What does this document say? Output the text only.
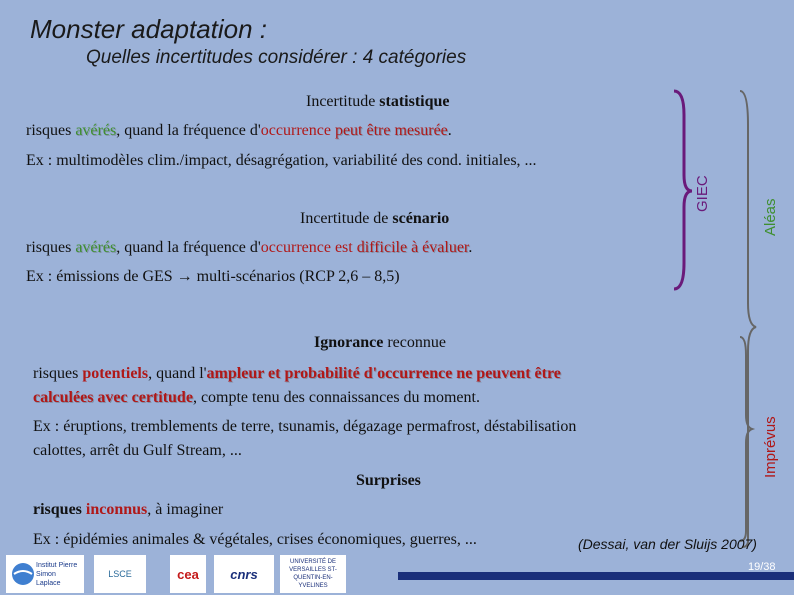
Monster adaptation :
Quelles incertitudes considérer : 4 catégories
Incertitude statistique
risques avérés, quand la fréquence d'occurrence peut être mesurée.
Ex : multimodèles clim./impact, désagrégation, variabilité des cond. initiales, ...
Incertitude de scénario
risques avérés, quand la fréquence d'occurrence est difficile à évaluer.
Ex : émissions de GES → multi-scénarios (RCP 2,6 – 8,5)
Ignorance reconnue
risques potentiels, quand l'ampleur et probabilité d'occurrence ne peuvent être
calculées avec certitude, compte tenu des connaissances du moment.
Ex : éruptions, tremblements de terre, tsunamis, dégazage permafrost, déstabilisation
calottes, arrêt du Gulf Stream, ...
Surprises
risques inconnus, à imaginer
Ex : épidémies animales & végétales, crises économiques, guerres, ...
GIEC
Aléas
Imprévus
(Dessai, van der Sluijs 2007)
Institut Pierre Simon Laplace
LSCE	cea	cnrs
UNIVERSITÉ DE VERSAILLES ST-QUENTIN-EN-YVELINES
19/38
